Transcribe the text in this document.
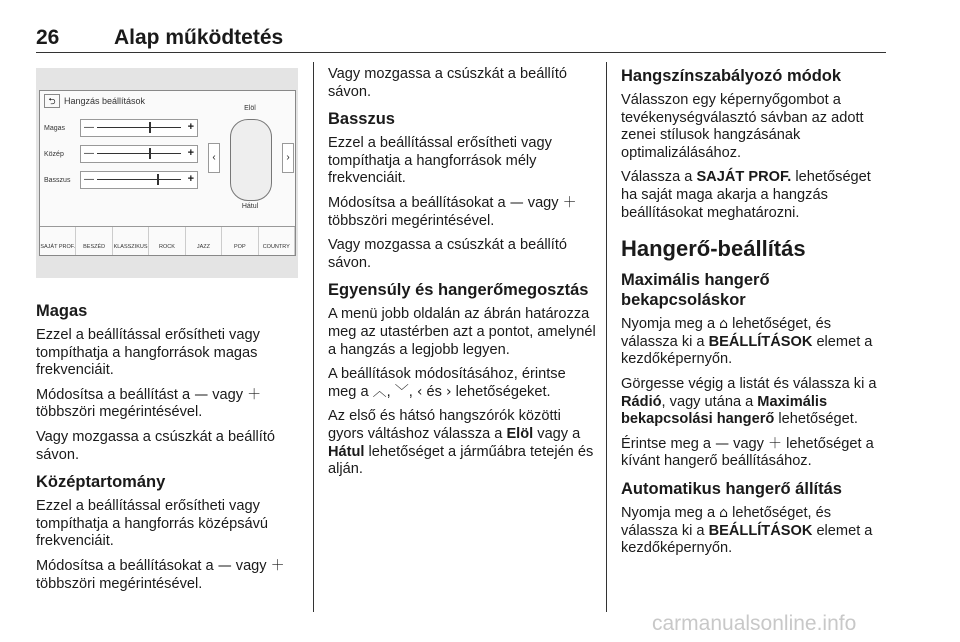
26	Alap működtetés
⮌ Hangzás beállítások
Magas —	+
Közép —	+
Basszus —	+
Elöl
‹	›
Hátul
SAJÁT PROF.	BESZÉD	KLASSZIKUS	ROCK	JAZZ	POP	COUNTRY
Magas

Ezzel a beállítással erősítheti vagy tompíthatja a hangforrások magas frekvenciáit.

Módosítsa a beállítást a — vagy ＋ többszöri megérintésével.

Vagy mozgassa a csúszkát a beállító sávon.

Középtartomány

Ezzel a beállítással erősítheti vagy tompíthatja a hangforrás középsávú frekvenciáit.

Módosítsa a beállításokat a — vagy ＋ többszöri megérintésével.

Vagy mozgassa a csúszkát a beállító sávon.

Basszus

Ezzel a beállítással erősítheti vagy tompíthatja a hangforrások mély frekvenciáit.

Módosítsa a beállításokat a — vagy ＋ többszöri megérintésével.

Vagy mozgassa a csúszkát a beállító sávon.

Egyensúly és hangerőmegosztás

A menü jobb oldalán az ábrán határozza meg az utastérben azt a pontot, amelynél a hangzás a legjobb legyen.

A beállítások módosításához, érintse meg a ︿, ﹀, ‹ és › lehetőségeket.

Az első és hátsó hangszórók közötti gyors váltáshoz válassza a Elöl vagy a Hátul lehetőséget a járműábra tetején és alján.

Hangszínszabályozó módok

Válasszon egy képernyőgombot a tevékenységválasztó sávban az adott zenei stílusok hangzásának optimalizálásához.

Válassza a SAJÁT PROF. lehetőséget ha saját maga akarja a hangzás beállításokat meghatározni.

Hangerő-beállítás
Maximális hangerő bekapcsoláskor

Nyomja meg a ⌂ lehetőséget, és válassza ki a BEÁLLÍTÁSOK elemet a kezdőképernyőn.

Görgesse végig a listát és válassza ki a Rádió, vagy utána a Maximális bekapcsolási hangerő lehetőséget.

Érintse meg a — vagy ＋ lehetőséget a kívánt hangerő beállításához.

Automatikus hangerő állítás

Nyomja meg a ⌂ lehetőséget, és válassza ki a BEÁLLÍTÁSOK elemet a kezdőképernyőn.

carmanualsonline.info
